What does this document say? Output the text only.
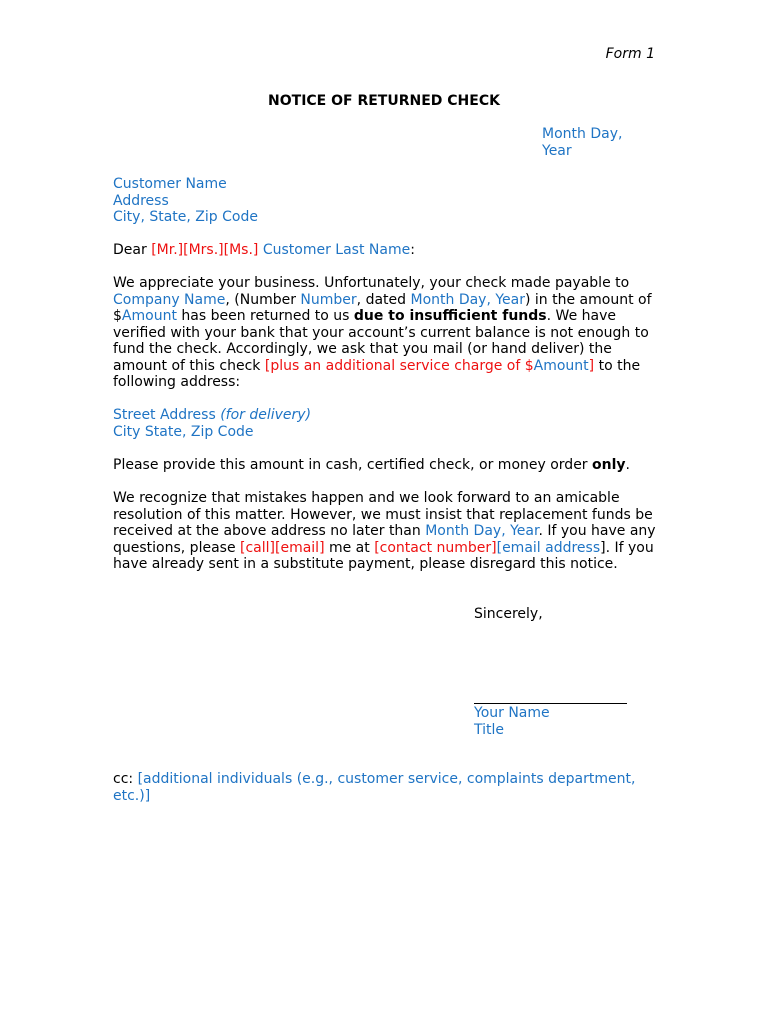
Form 1
NOTICE OF RETURNED CHECK
Month Day,
Year
Customer Name
Address
City, State, Zip Code
Dear [Mr.][Mrs.][Ms.] Customer Last Name:
We appreciate your business. Unfortunately, your check made payable to
Company Name, (Number Number, dated Month Day, Year) in the amount of
$Amount has been returned to us due to insufficient funds. We have
verified with your bank that your account’s current balance is not enough to
fund the check. Accordingly, we ask that you mail (or hand deliver) the
amount of this check [plus an additional service charge of $Amount] to the
following address:
Street Address (for delivery)
City State, Zip Code
Please provide this amount in cash, certified check, or money order only.
We recognize that mistakes happen and we look forward to an amicable
resolution of this matter. However, we must insist that replacement funds be
received at the above address no later than Month Day, Year. If you have any
questions, please [call][email] me at [contact number][email address]. If you
have already sent in a substitute payment, please disregard this notice.
Sincerely,
Your Name
Title
cc: [additional individuals (e.g., customer service, complaints department,
etc.)]
